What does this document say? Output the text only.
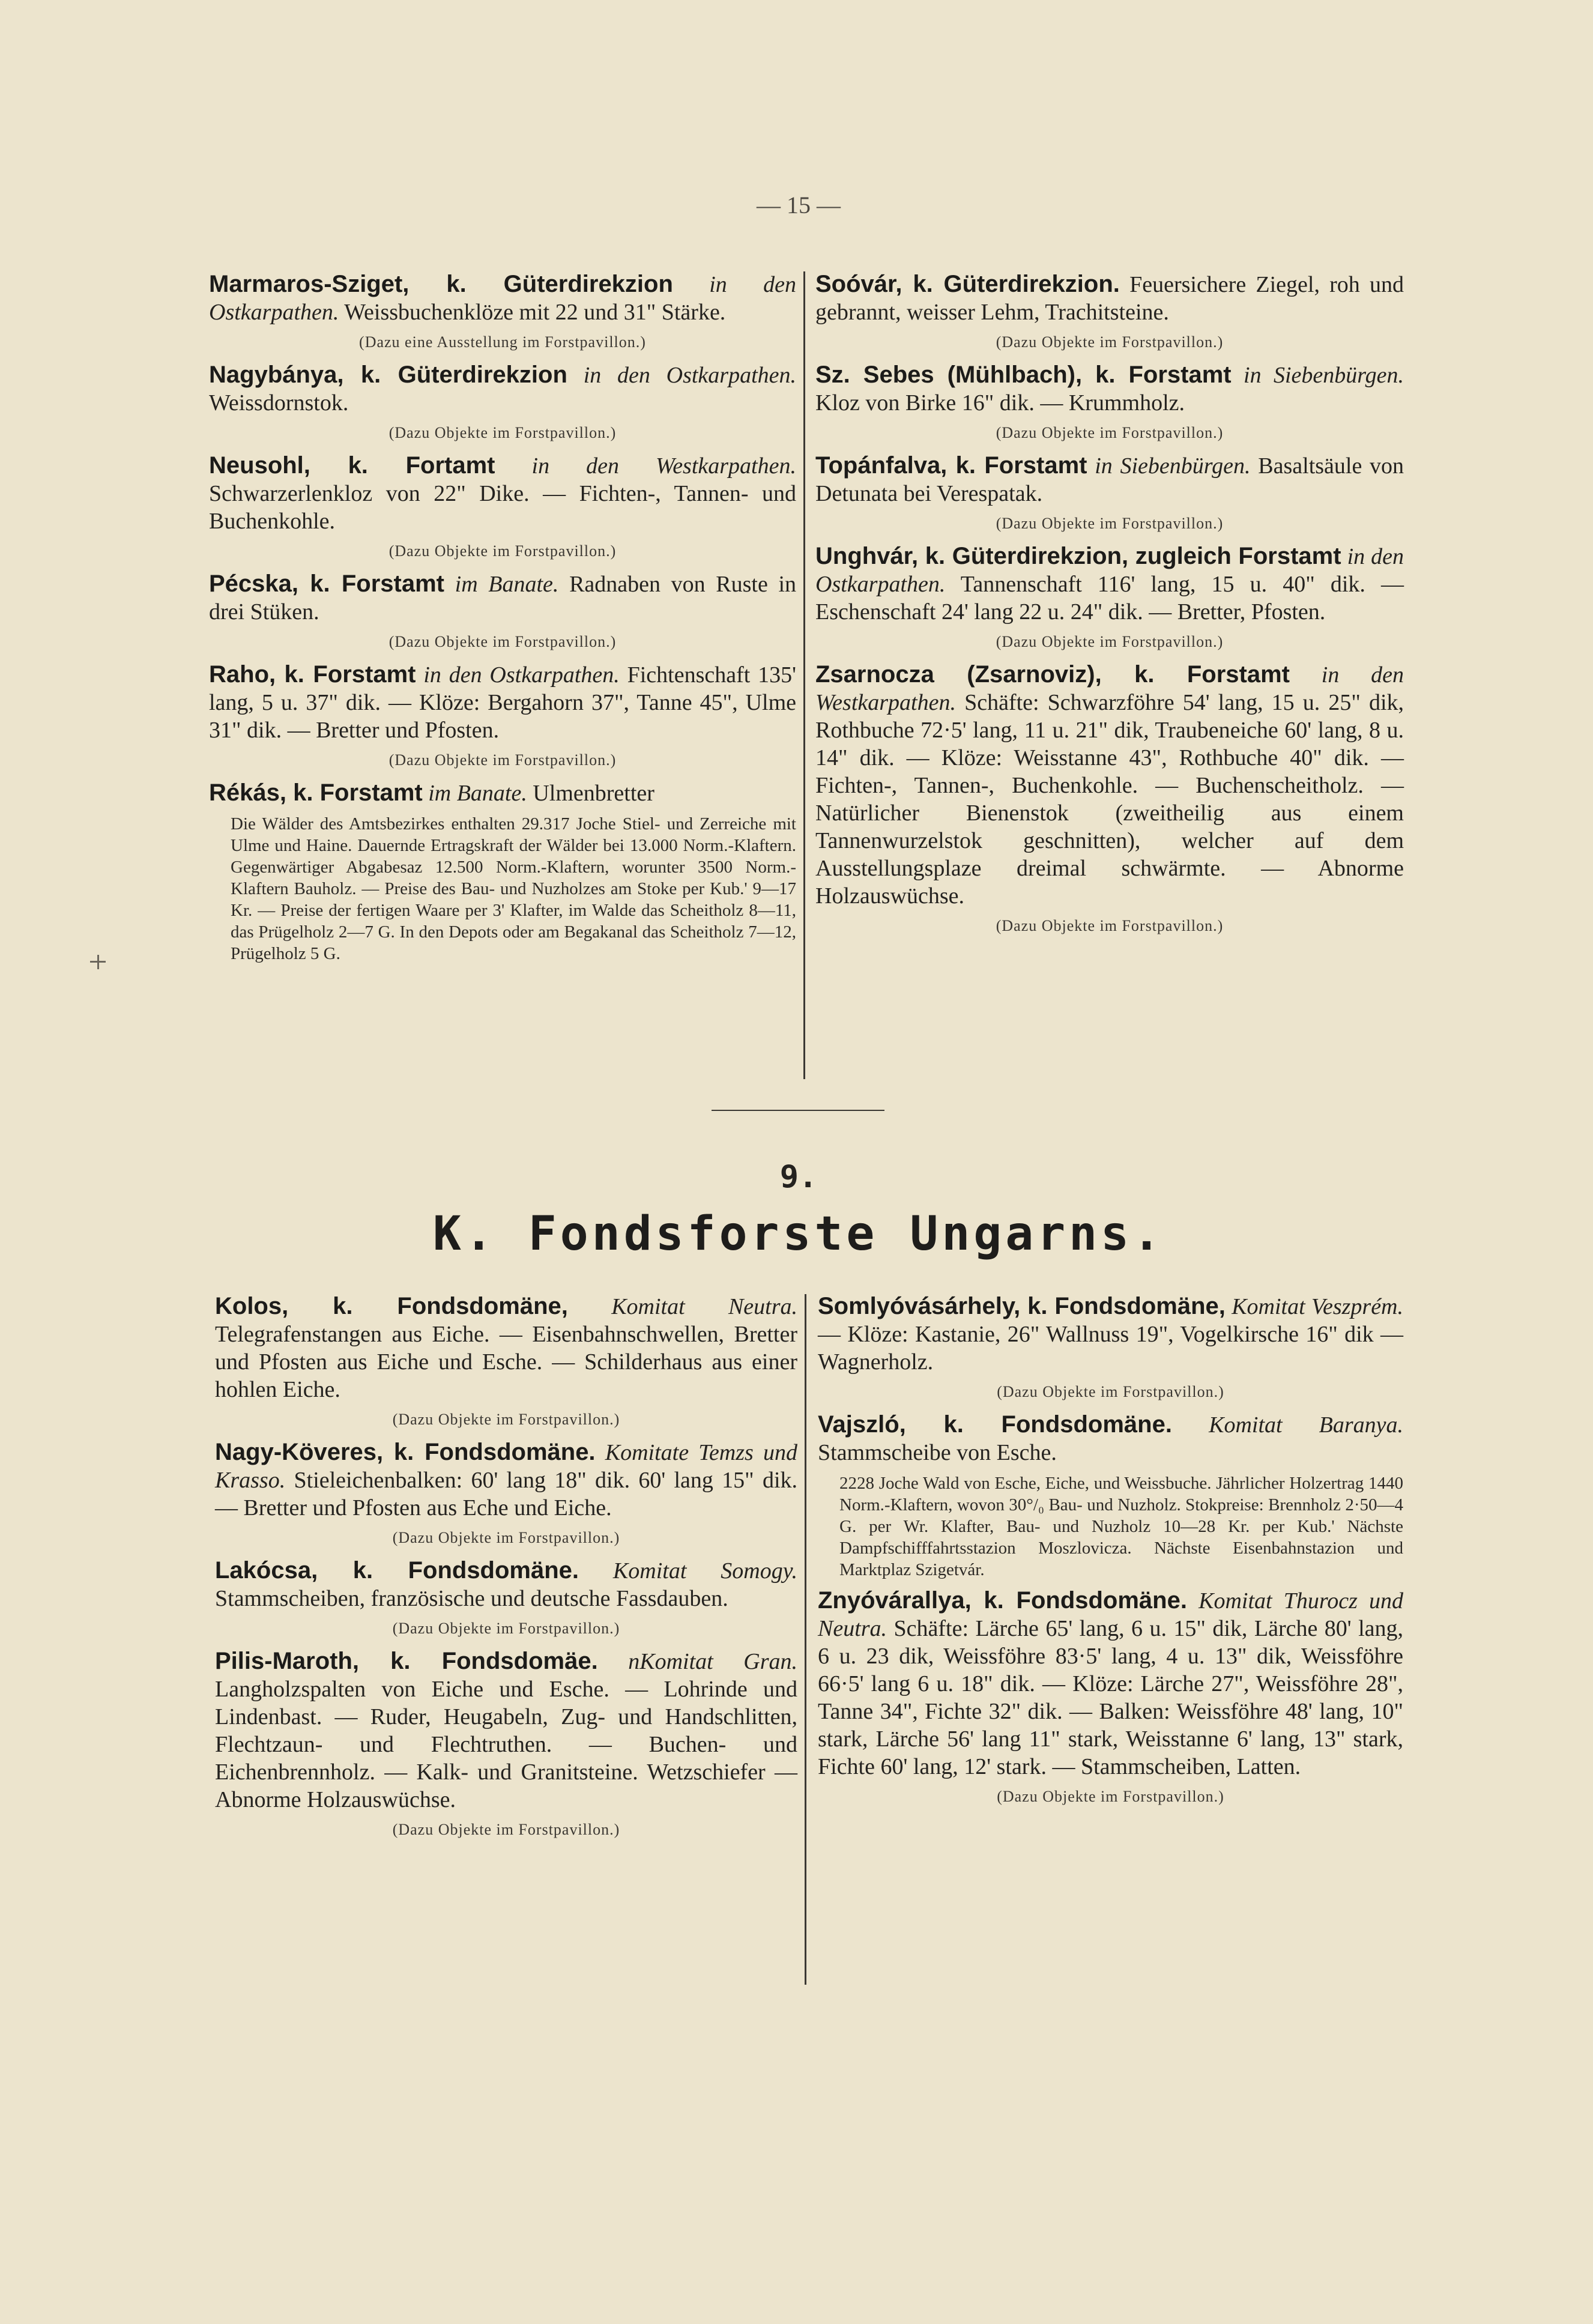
— 15 —
Marmaros-Sziget, k. Güterdirekzion in den Ostkarpathen. Weissbuchenklöze mit 22 und 31" Stärke.
(Dazu eine Ausstellung im Forstpavillon.)
Nagybánya, k. Güterdirekzion in den Ostkarpathen. Weissdornstok.
(Dazu Objekte im Forstpavillon.)
Neusohl, k. Fortamt in den Westkarpathen. Schwarzerlenkloz von 22" Dike. — Fichten-, Tannen- und Buchenkohle.
(Dazu Objekte im Forstpavillon.)
Pécska, k. Forstamt im Banate. Radnaben von Ruste in drei Stüken.
(Dazu Objekte im Forstpavillon.)
Raho, k. Forstamt in den Ostkarpathen. Fichtenschaft 135' lang, 5 u. 37" dik. — Klöze: Bergahorn 37", Tanne 45", Ulme 31" dik. — Bretter und Pfosten.
(Dazu Objekte im Forstpavillon.)
Rékás, k. Forstamt im Banate. Ulmenbretter
Die Wälder des Amtsbezirkes enthalten 29.317 Joche Stiel- und Zerreiche mit Ulme und Haine. Dauernde Ertragskraft der Wälder bei 13.000 Norm.-Klaftern. Gegenwärtiger Abgabesaz 12.500 Norm.-Klaftern, worunter 3500 Norm.-Klaftern Bauholz. — Preise des Bau- und Nuzholzes am Stoke per Kub.' 9—17 Kr. — Preise der fertigen Waare per 3' Klafter, im Walde das Scheitholz 8—11, das Prügelholz 2—7 G. In den Depots oder am Begakanal das Scheitholz 7—12, Prügelholz 5 G.
Soóvár, k. Güterdirekzion. Feuersichere Ziegel, roh und gebrannt, weisser Lehm, Trachitsteine.
(Dazu Objekte im Forstpavillon.)
Sz. Sebes (Mühlbach), k. Forstamt in Siebenbürgen. Kloz von Birke 16" dik. — Krummholz.
(Dazu Objekte im Forstpavillon.)
Topánfalva, k. Forstamt in Siebenbürgen. Basaltsäule von Detunata bei Verespatak.
(Dazu Objekte im Forstpavillon.)
Unghvár, k. Güterdirekzion, zugleich Forstamt in den Ostkarpathen. Tannenschaft 116' lang, 15 u. 40" dik. — Eschenschaft 24' lang 22 u. 24" dik. — Bretter, Pfosten.
(Dazu Objekte im Forstpavillon.)
Zsarnocza (Zsarnoviz), k. Forstamt in den Westkarpathen. Schäfte: Schwarzföhre 54' lang, 15 u. 25" dik, Rothbuche 72·5' lang, 11 u. 21" dik, Traubeneiche 60' lang, 8 u. 14" dik. — Klöze: Weisstanne 43", Rothbuche 40" dik. — Fichten-, Tannen-, Buchenkohle. — Buchenscheitholz. — Natürlicher Bienenstok (zweitheilig aus einem Tannenwurzelstok geschnitten), welcher auf dem Ausstellungsplaze dreimal schwärmte. — Abnorme Holzauswüchse.
(Dazu Objekte im Forstpavillon.)
9.
K. Fondsforste Ungarns.
Kolos, k. Fondsdomäne, Komitat Neutra. Telegrafenstangen aus Eiche. — Eisenbahnschwellen, Bretter und Pfosten aus Eiche und Esche. — Schilderhaus aus einer hohlen Eiche.
(Dazu Objekte im Forstpavillon.)
Nagy-Köveres, k. Fondsdomäne. Komitate Temzs und Krasso. Stieleichenbalken: 60' lang 18" dik. 60' lang 15" dik. — Bretter und Pfosten aus Eche und Eiche.
(Dazu Objekte im Forstpavillon.)
Lakócsa, k. Fondsdomäne. Komitat Somogy. Stammscheiben, französische und deutsche Fassdauben.
(Dazu Objekte im Forstpavillon.)
Pilis-Maroth, k. Fondsdomäe. nKomitat Gran. Langholzspalten von Eiche und Esche. — Lohrinde und Lindenbast. — Ruder, Heugabeln, Zug- und Handschlitten, Flechtzaun- und Flechtruthen. — Buchen- und Eichenbrennholz. — Kalk- und Granitsteine. Wetzschiefer — Abnorme Holzauswüchse.
(Dazu Objekte im Forstpavillon.)
Somlyóvásárhely, k. Fondsdomäne, Komitat Veszprém. — Klöze: Kastanie, 26" Wallnuss 19", Vogelkirsche 16" dik — Wagnerholz.
(Dazu Objekte im Forstpavillon.)
Vajszló, k. Fondsdomäne. Komitat Baranya. Stammscheibe von Esche.
2228 Joche Wald von Esche, Eiche, und Weissbuche. Jährlicher Holzertrag 1440 Norm.-Klaftern, wovon 30°/₀ Bau- und Nuzholz. Stokpreise: Brennholz 2·50—4 G. per Wr. Klafter, Bau- und Nuzholz 10—28 Kr. per Kub.' Nächste Dampfschifffahrtsstazion Moszlovicza. Nächste Eisenbahnstazion und Marktplaz Szigetvár.
Znyóvárallya, k. Fondsdomäne. Komitat Thurocz und Neutra. Schäfte: Lärche 65' lang, 6 u. 15" dik, Lärche 80' lang, 6 u. 23 dik, Weissföhre 83·5' lang, 4 u. 13" dik, Weissföhre 66·5' lang 6 u. 18" dik. — Klöze: Lärche 27", Weissföhre 28", Tanne 34", Fichte 32" dik. — Balken: Weissföhre 48' lang, 10" stark, Lärche 56' lang 11" stark, Weisstanne 6' lang, 13" stark, Fichte 60' lang, 12' stark. — Stammscheiben, Latten.
(Dazu Objekte im Forstpavillon.)
